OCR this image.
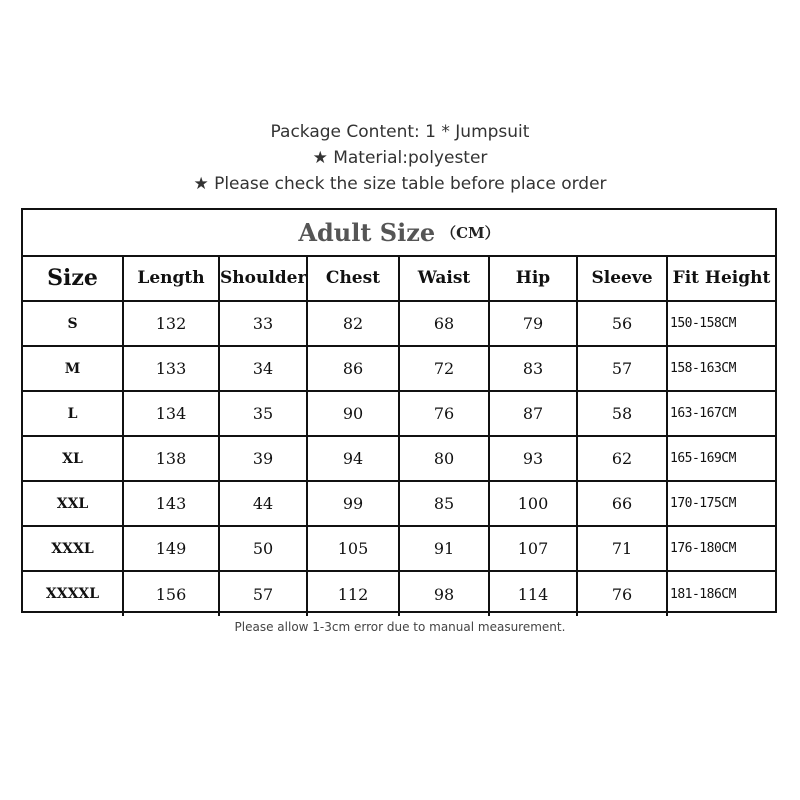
Package Content: 1 * Jumpsuit
★ Material:polyester
★ Please check the size table before place order
Adult Size （CM）
Size	Length	Shoulder	Chest	Waist	Hip	Sleeve	Fit Height
S	132	33	82	68	79	56	150-158CM
M	133	34	86	72	83	57	158-163CM
L	134	35	90	76	87	58	163-167CM
XL	138	39	94	80	93	62	165-169CM
XXL	143	44	99	85	100	66	170-175CM
XXXL	149	50	105	91	107	71	176-180CM
XXXXL	156	57	112	98	114	76	181-186CM
Please allow 1-3cm error due to manual measurement.
